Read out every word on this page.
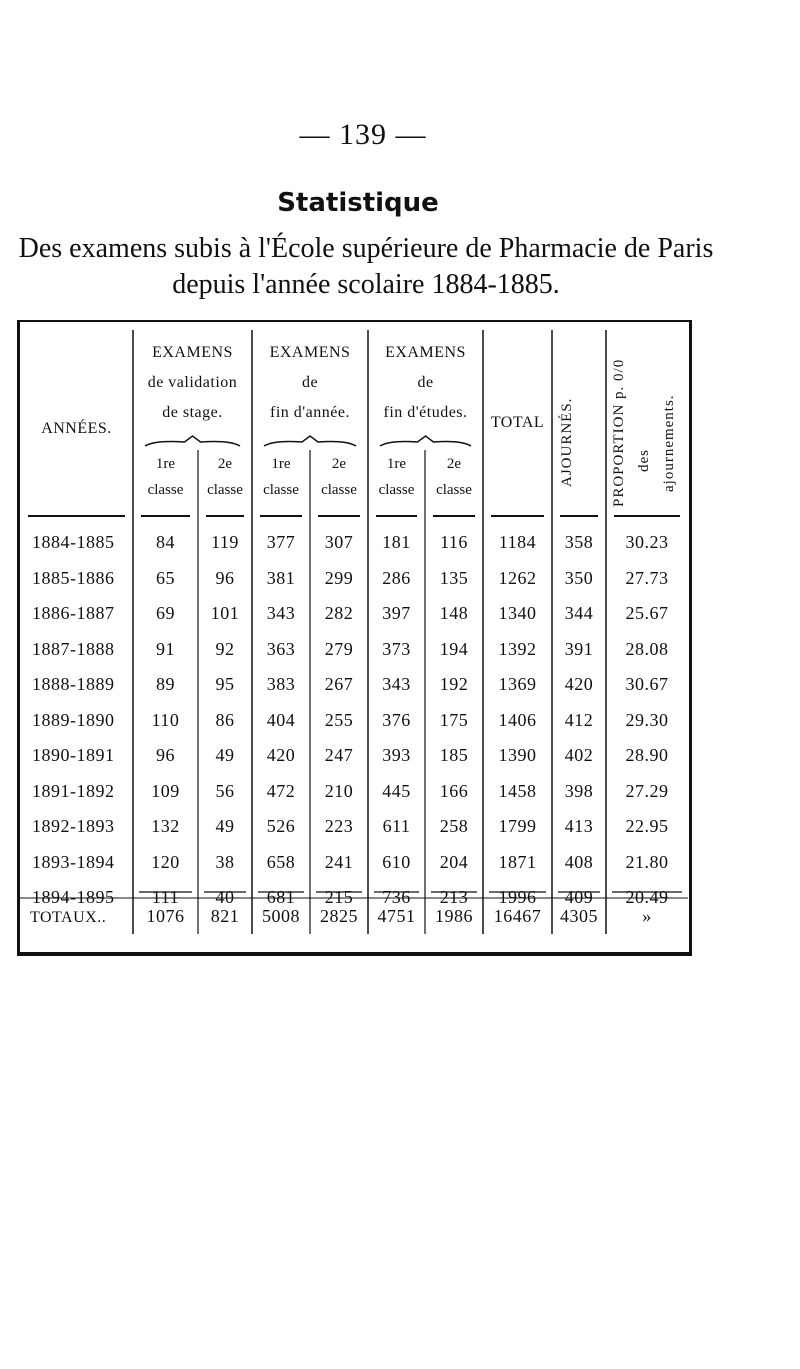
— 139 —
Statistique
Des examens subis à l'École supérieure de Pharmacie de Paris
depuis l'année scolaire 1884-1885.
ANNÉES.
EXAMENS
de validation
de stage.
1re
classe
2e
classe
EXAMENS
de
fin d'année.
1re
classe
2e
classe
EXAMENS
de
fin d'études.
1re
classe
2e
classe
TOTAL AJOURNÉS. PROPORTION p. 0/0 des ajournements.
1884-1885	84	119	377	307	181	116	1184	358	30.23
1885-1886	65	96	381	299	286	135	1262	350	27.73
1886-1887	69	101	343	282	397	148	1340	344	25.67
1887-1888	91	92	363	279	373	194	1392	391	28.08
1888-1889	89	95	383	267	343	192	1369	420	30.67
1889-1890	110	86	404	255	376	175	1406	412	29.30
1890-1891	96	49	420	247	393	185	1390	402	28.90
1891-1892	109	56	472	210	445	166	1458	398	27.29
1892-1893	132	49	526	223	611	258	1799	413	22.95
1893-1894	120	38	658	241	610	204	1871	408	21.80
1894-1895	111	40	681	215	736	213	1996	409	20.49
TOTAUX..	1076	821	5008	2825	4751	1986	16467	4305	»
